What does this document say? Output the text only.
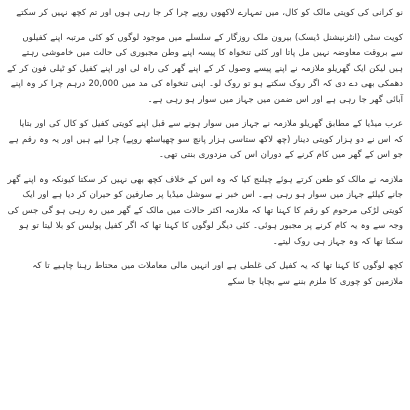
نو کرانی کی کویتی مالک کو کال، میں تمہارے لاکھوں روپے چرا کر جا رہی ہوں اور تم کچھ نہیں کر سکتے

کویت سٹی (انٹرنیشنل ڈیسک) بیرون ملک روزگار کے سلسلے میں موجود لوگوں کو کئی مرتبہ اپنے کفیلوں سے بروقت معاوضہ نہیں مل پاتا اور کئی تنخواہ کا پیسہ اپنے وطن مجبوری کی حالت میں خاموشی رہتے ہیں لیکن ایک گھریلو ملازمہ نے اپنے پیسے وصول کر کے اپنے گھر کی راہ لی اور اپنے کفیل کو ٹیلی فون کر کے دھمکی بھی دے دی کہ اگر روک سکتے ہو تو روک لو۔ اپنی تنخواہ کی مد میں 20,000 درہم چرا کر وہ اپنے آبائی گھر جا رہی ہے اور اس ضمن میں جہاز میں سوار ہو رہی ہے۔

عرب میڈیا کے مطابق گھریلو ملازمہ نے جہاز میں سوار ہونے سے قبل اپنے کویتی کفیل کو کال کی اور بتایا کہ اس نے دو ہزار کویتی دینار (چھ لاکھ ستاسی ہزار پانچ سو چھیاسٹھ روپے) چرا لیے ہیں اور یہ وہ رقم ہے جو اس کے گھر میں کام کرنے کے دوران اس کی مزدوری بنتی تھی۔

ملازمہ نے مالک کو طعن کرتے ہوئے چیلنج کیا کہ وہ اس کے خلاف کچھ بھی نہیں کر سکتا کیونکہ وہ اپنے گھر جانے کیلئے جہاز میں سوار ہو رہی ہے۔ اس خبر نے سوشل میڈیا پر صارفین کو حیران کر دیا ہے اور ایک کویتی لڑکی مرحوم کو رقم کا کہنا تھا کہ ملازمہ اکثر حالات میں مالک کے گھر میں رہ رہی ہو گی جس کی وجہ سے وہ یہ کام کرنے پر مجبور ہوئی۔ کئی دیگر لوگوں کا کہنا تھا کہ اگر کفیل پولیس کو بلا لیتا تو ہو سکتا تھا کہ وہ جہاز ہی روک لیتے۔

کچھ لوگوں کا کہنا تھا کہ یہ کفیل کی غلطی ہے اور انہیں مالی معاملات میں محتاط رہنا چاہیے تا کہ ملازمین کو چوری کا ملزم بننے سے بچایا جا سکے
